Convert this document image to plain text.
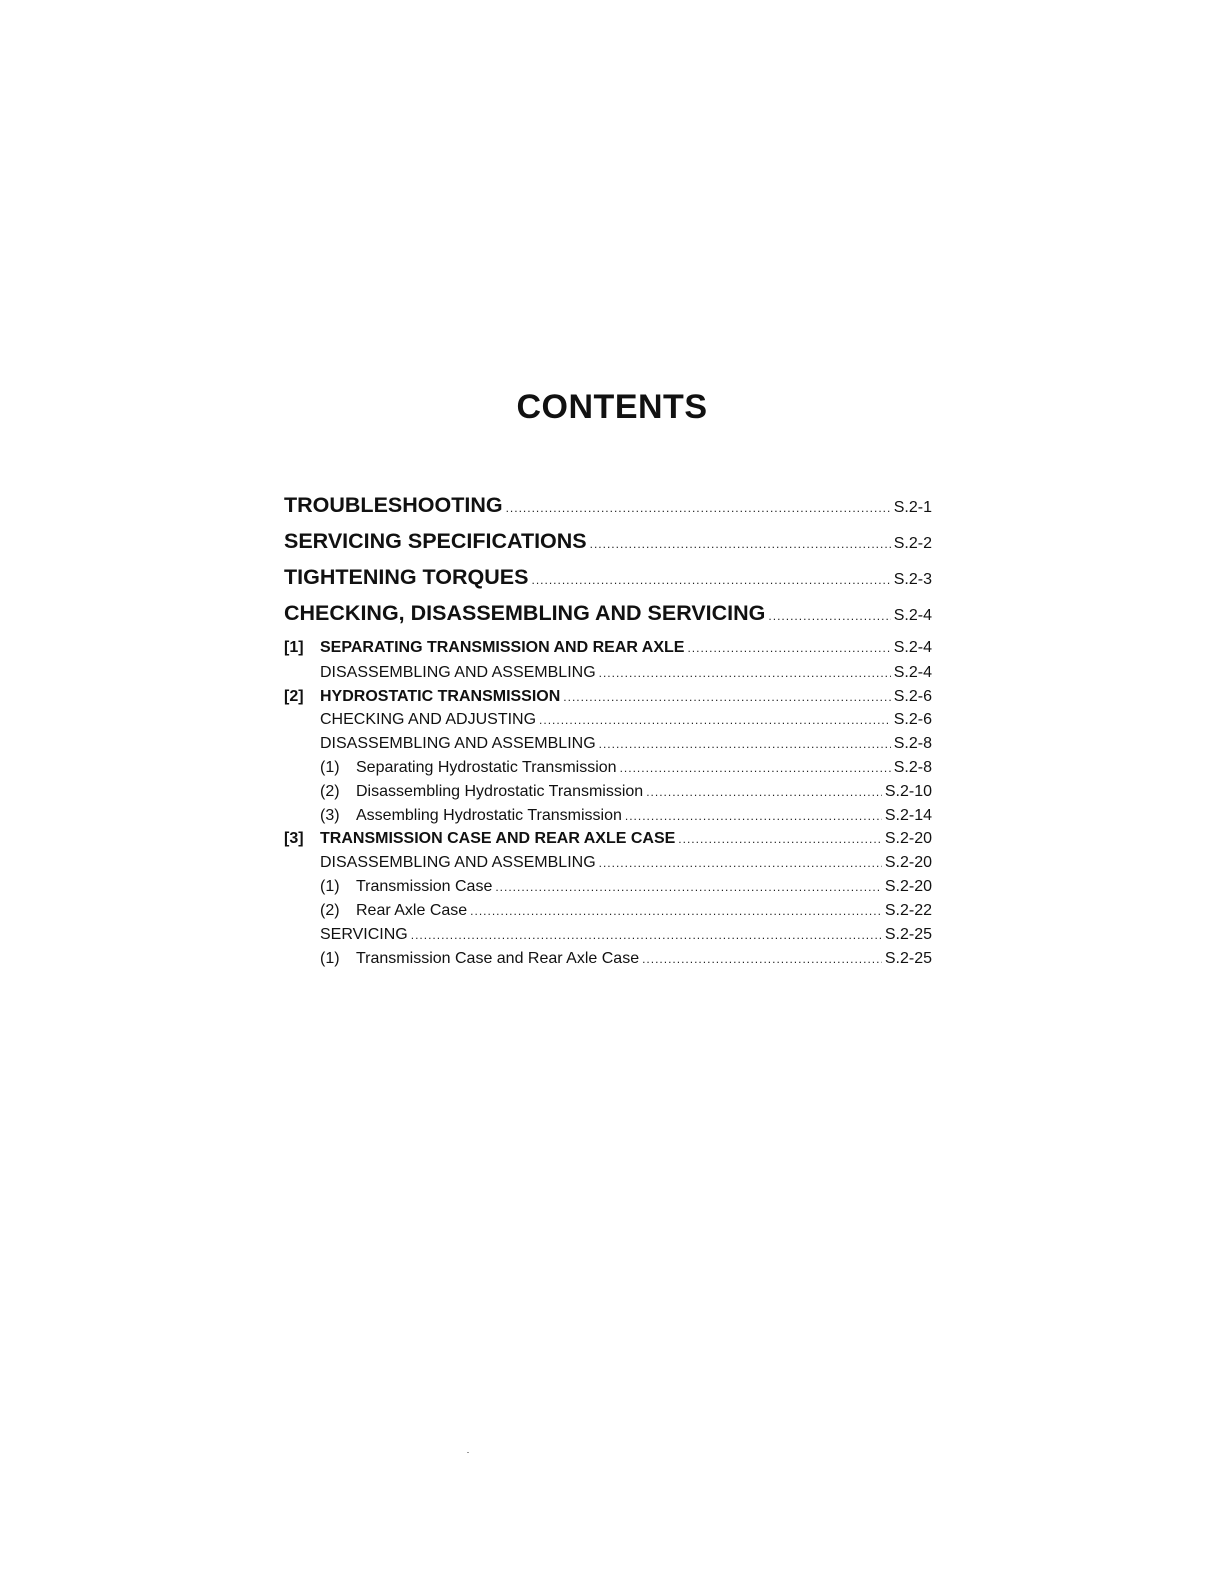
CONTENTS
TROUBLESHOOTING .....	S.2-1
SERVICING SPECIFICATIONS .....	S.2-2
TIGHTENING TORQUES .....	S.2-3
CHECKING, DISASSEMBLING AND SERVICING .....	S.2-4
[1]	SEPARATING TRANSMISSION AND REAR AXLE .....	S.2-4
DISASSEMBLING AND ASSEMBLING .....	S.2-4
[2]	HYDROSTATIC TRANSMISSION .....	S.2-6
CHECKING AND ADJUSTING .....	S.2-6
DISASSEMBLING AND ASSEMBLING .....	S.2-8
(1)	Separating Hydrostatic Transmission .....	S.2-8
(2)	Disassembling Hydrostatic Transmission .....	S.2-10
(3)	Assembling Hydrostatic Transmission .....	S.2-14
[3]	TRANSMISSION CASE AND REAR AXLE CASE .....	S.2-20
DISASSEMBLING AND ASSEMBLING .....	S.2-20
(1)	Transmission Case .....	S.2-20
(2)	Rear Axle Case .....	S.2-22
SERVICING .....	S.2-25
(1)	Transmission Case and Rear Axle Case .....	S.2-25
